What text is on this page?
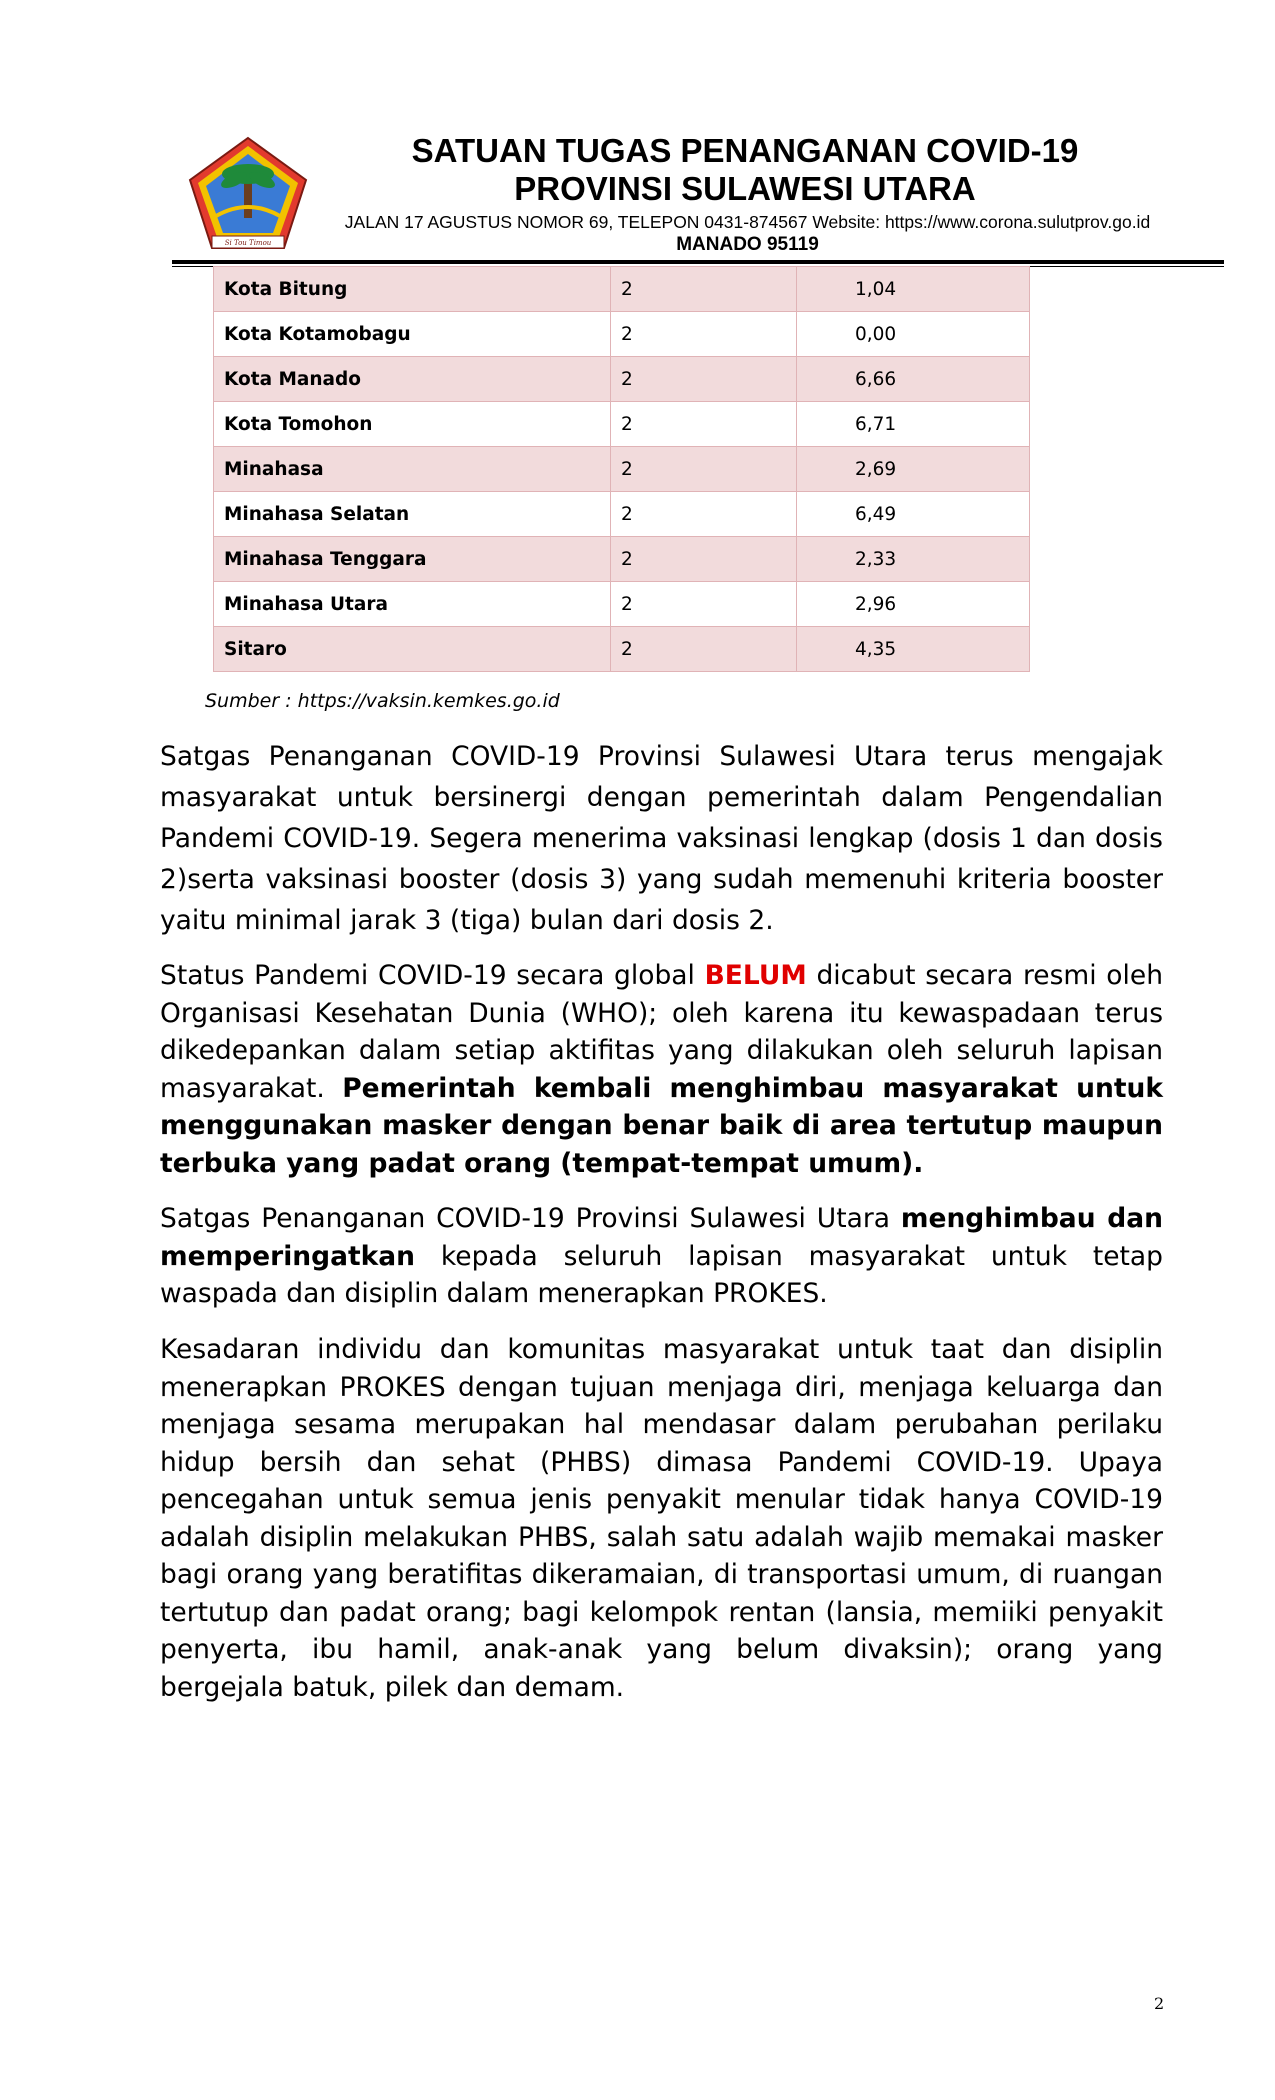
Si Tou Timou
SATUAN TUGAS PENANGANAN COVID-19
PROVINSI SULAWESI UTARA
JALAN 17 AGUSTUS NOMOR 69, TELEPON 0431-874567 Website: https://www.corona.sulutprov.go.id
MANADO 95119
Kota Bitung	2	1,04
Kota Kotamobagu	2	0,00
Kota Manado	2	6,66
Kota Tomohon	2	6,71
Minahasa	2	2,69
Minahasa Selatan	2	6,49
Minahasa Tenggara	2	2,33
Minahasa Utara	2	2,96
Sitaro	2	4,35
Sumber : https://vaksin.kemkes.go.id

Satgas Penanganan COVID-19 Provinsi Sulawesi Utara terus mengajak masyarakat untuk bersinergi dengan pemerintah dalam Pengendalian Pandemi COVID-19. Segera menerima vaksinasi lengkap (dosis 1 dan dosis 2)serta vaksinasi booster (dosis 3) yang sudah memenuhi kriteria booster yaitu minimal jarak 3 (tiga) bulan dari dosis 2.

Status Pandemi COVID-19 secara global BELUM dicabut secara resmi oleh Organisasi Kesehatan Dunia (WHO); oleh karena itu kewaspadaan terus dikedepankan dalam setiap aktifitas yang dilakukan oleh seluruh lapisan masyarakat. Pemerintah kembali menghimbau masyarakat untuk menggunakan masker dengan benar baik di area tertutup maupun terbuka yang padat orang (tempat-tempat umum).

Satgas Penanganan COVID-19 Provinsi Sulawesi Utara menghimbau dan memperingatkan kepada seluruh lapisan masyarakat untuk tetap waspada dan disiplin dalam menerapkan PROKES.

Kesadaran individu dan komunitas masyarakat untuk taat dan disiplin menerapkan PROKES dengan tujuan menjaga diri, menjaga keluarga dan menjaga sesama merupakan hal mendasar dalam perubahan perilaku hidup bersih dan sehat (PHBS) dimasa Pandemi COVID-19. Upaya pencegahan untuk semua jenis penyakit menular tidak hanya COVID-19 adalah disiplin melakukan PHBS, salah satu adalah wajib memakai masker bagi orang yang beratifitas dikeramaian, di transportasi umum, di ruangan tertutup dan padat orang; bagi kelompok rentan (lansia, memiiki penyakit penyerta, ibu hamil, anak-anak yang belum divaksin); orang yang bergejala batuk, pilek dan demam.

2
